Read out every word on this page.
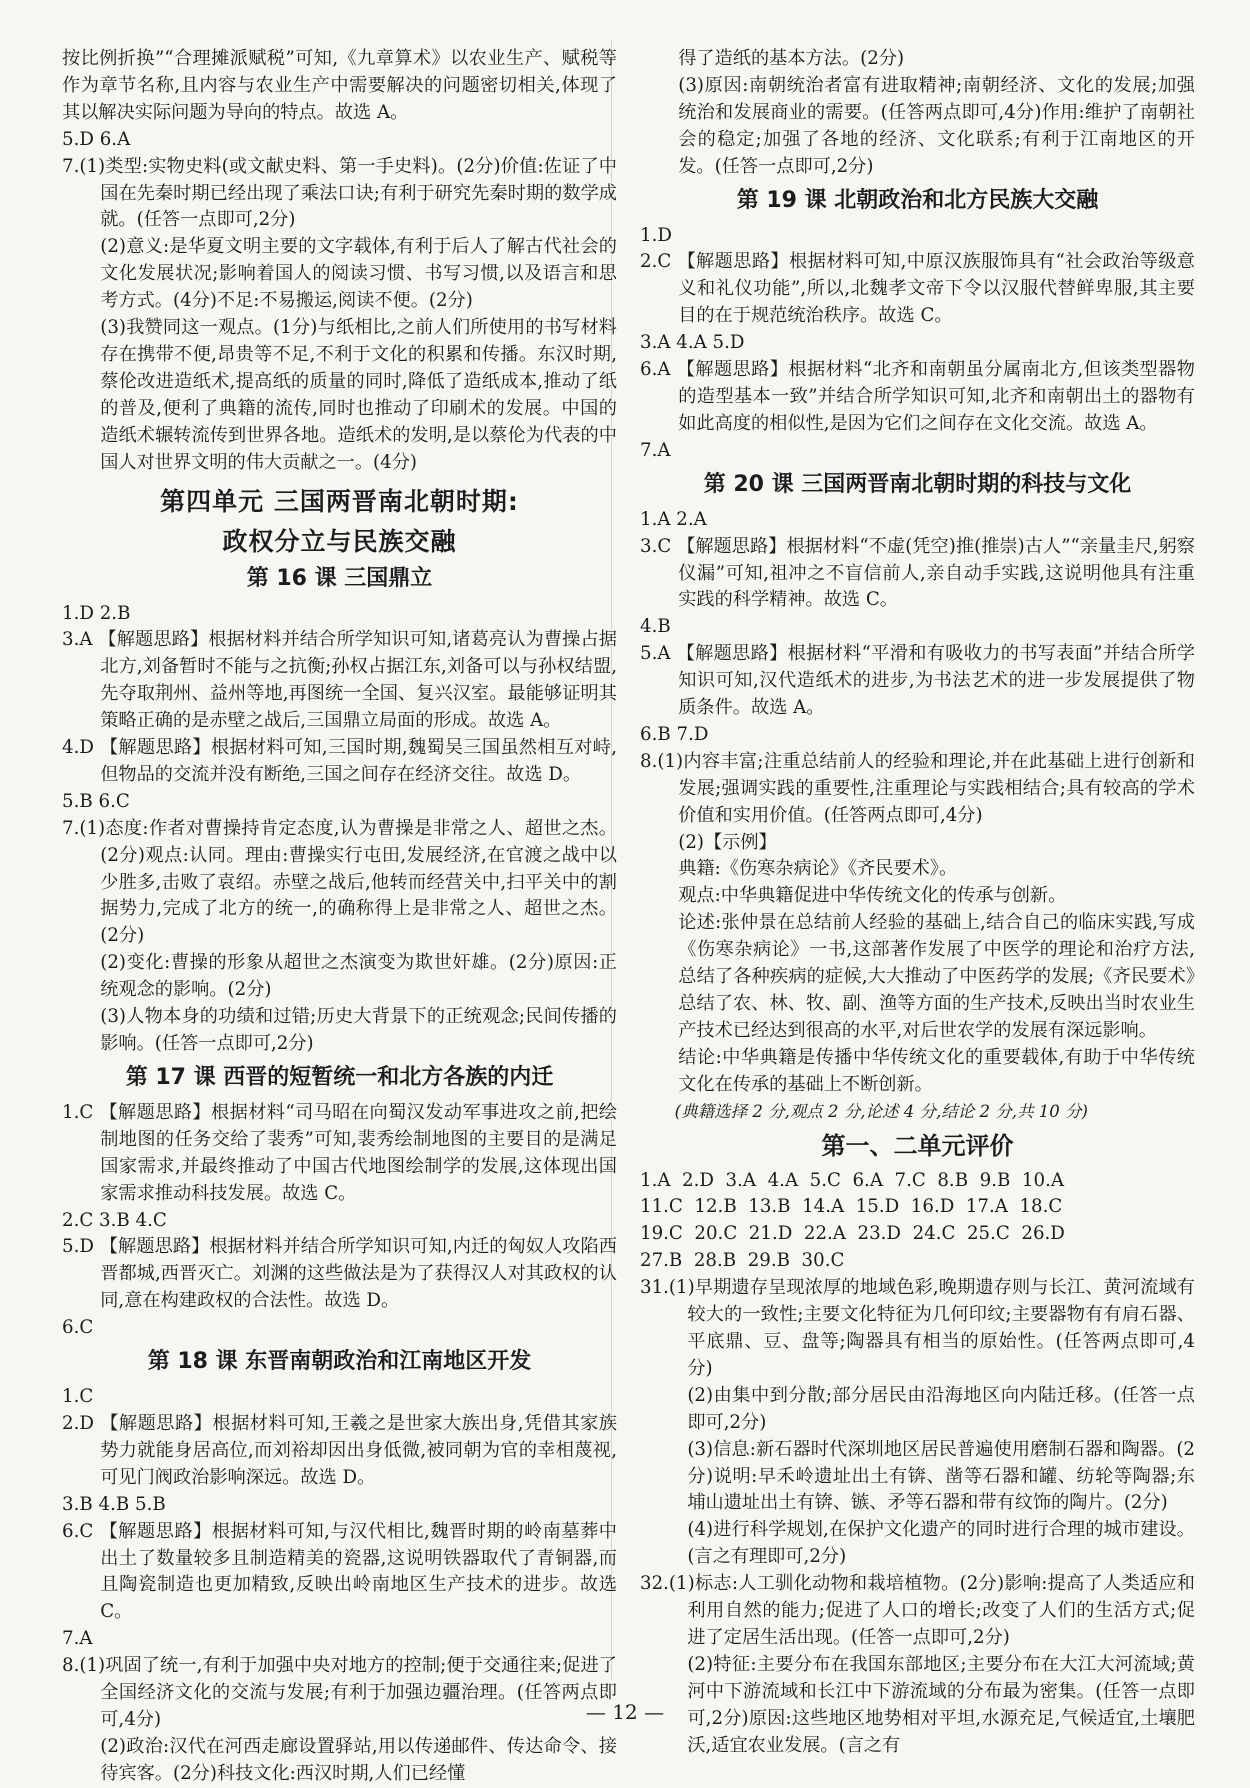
按比例折换”“合理摊派赋税”可知,《九章算术》以农业生产、赋税等作为章节名称,且内容与农业生产中需要解决的问题密切相关,体现了其以解决实际问题为导向的特点。故选 A。

5.D 6.A

7.(1)类型:实物史料(或文献史料、第一手史料)。(2分)价值:佐证了中国在先秦时期已经出现了乘法口诀;有利于研究先秦时期的数学成就。(任答一点即可,2分)

(2)意义:是华夏文明主要的文字载体,有利于后人了解古代社会的文化发展状况;影响着国人的阅读习惯、书写习惯,以及语言和思考方式。(4分)不足:不易搬运,阅读不便。(2分)

(3)我赞同这一观点。(1分)与纸相比,之前人们所使用的书写材料存在携带不便,昂贵等不足,不利于文化的积累和传播。东汉时期,蔡伦改进造纸术,提高纸的质量的同时,降低了造纸成本,推动了纸的普及,便利了典籍的流传,同时也推动了印刷术的发展。中国的造纸术辗转流传到世界各地。造纸术的发明,是以蔡伦为代表的中国人对世界文明的伟大贡献之一。(4分)

第四单元 三国两晋南北朝时期:
政权分立与民族交融
第 16 课 三国鼎立

1.D 2.B

3.A 【解题思路】根据材料并结合所学知识可知,诸葛亮认为曹操占据北方,刘备暂时不能与之抗衡;孙权占据江东,刘备可以与孙权结盟,先夺取荆州、益州等地,再图统一全国、复兴汉室。最能够证明其策略正确的是赤壁之战后,三国鼎立局面的形成。故选 A。

4.D 【解题思路】根据材料可知,三国时期,魏蜀吴三国虽然相互对峙,但物品的交流并没有断绝,三国之间存在经济交往。故选 D。

5.B 6.C

7.(1)态度:作者对曹操持肯定态度,认为曹操是非常之人、超世之杰。(2分)观点:认同。理由:曹操实行屯田,发展经济,在官渡之战中以少胜多,击败了袁绍。赤壁之战后,他转而经营关中,扫平关中的割据势力,完成了北方的统一,的确称得上是非常之人、超世之杰。(2分)

(2)变化:曹操的形象从超世之杰演变为欺世奸雄。(2分)原因:正统观念的影响。(2分)

(3)人物本身的功绩和过错;历史大背景下的正统观念;民间传播的影响。(任答一点即可,2分)

第 17 课 西晋的短暂统一和北方各族的内迁

1.C 【解题思路】根据材料“司马昭在向蜀汉发动军事进攻之前,把绘制地图的任务交给了裴秀”可知,裴秀绘制地图的主要目的是满足国家需求,并最终推动了中国古代地图绘制学的发展,这体现出国家需求推动科技发展。故选 C。

2.C 3.B 4.C

5.D 【解题思路】根据材料并结合所学知识可知,内迁的匈奴人攻陷西晋都城,西晋灭亡。刘渊的这些做法是为了获得汉人对其政权的认同,意在构建政权的合法性。故选 D。

6.C

第 18 课 东晋南朝政治和江南地区开发

1.C

2.D 【解题思路】根据材料可知,王羲之是世家大族出身,凭借其家族势力就能身居高位,而刘裕却因出身低微,被同朝为官的幸相蔑视,可见门阀政治影响深远。故选 D。

3.B 4.B 5.B

6.C 【解题思路】根据材料可知,与汉代相比,魏晋时期的岭南墓葬中出土了数量较多且制造精美的瓷器,这说明铁器取代了青铜器,而且陶瓷制造也更加精致,反映出岭南地区生产技术的进步。故选 C。

7.A

8.(1)巩固了统一,有利于加强中央对地方的控制;便于交通往来;促进了全国经济文化的交流与发展;有利于加强边疆治理。(任答两点即可,4分)

(2)政治:汉代在河西走廊设置驿站,用以传递邮件、传达命令、接待宾客。(2分)科技文化:西汉时期,人们已经懂

得了造纸的基本方法。(2分)

(3)原因:南朝统治者富有进取精神;南朝经济、文化的发展;加强统治和发展商业的需要。(任答两点即可,4分)作用:维护了南朝社会的稳定;加强了各地的经济、文化联系;有利于江南地区的开发。(任答一点即可,2分)

第 19 课 北朝政治和北方民族大交融

1.D

2.C 【解题思路】根据材料可知,中原汉族服饰具有“社会政治等级意义和礼仪功能”,所以,北魏孝文帝下令以汉服代替鲜卑服,其主要目的在于规范统治秩序。故选 C。

3.A 4.A 5.D

6.A 【解题思路】根据材料“北齐和南朝虽分属南北方,但该类型器物的造型基本一致”并结合所学知识可知,北齐和南朝出土的器物有如此高度的相似性,是因为它们之间存在文化交流。故选 A。

7.A

第 20 课 三国两晋南北朝时期的科技与文化

1.A 2.A

3.C 【解题思路】根据材料“不虚(凭空)推(推崇)古人”“亲量圭尺,躬察仪漏”可知,祖冲之不盲信前人,亲自动手实践,这说明他具有注重实践的科学精神。故选 C。

4.B

5.A 【解题思路】根据材料“平滑和有吸收力的书写表面”并结合所学知识可知,汉代造纸术的进步,为书法艺术的进一步发展提供了物质条件。故选 A。

6.B 7.D

8.(1)内容丰富;注重总结前人的经验和理论,并在此基础上进行创新和发展;强调实践的重要性,注重理论与实践相结合;具有较高的学术价值和实用价值。(任答两点即可,4分)

(2)【示例】

典籍:《伤寒杂病论》《齐民要术》。

观点:中华典籍促进中华传统文化的传承与创新。

论述:张仲景在总结前人经验的基础上,结合自己的临床实践,写成《伤寒杂病论》一书,这部著作发展了中医学的理论和治疗方法,总结了各种疾病的症候,大大推动了中医药学的发展;《齐民要术》总结了农、林、牧、副、渔等方面的生产技术,反映出当时农业生产技术已经达到很高的水平,对后世农学的发展有深远影响。

结论:中华典籍是传播中华传统文化的重要载体,有助于中华传统文化在传承的基础上不断创新。

(典籍选择 2 分,观点 2 分,论述 4 分,结论 2 分,共 10 分)

第一、二单元评价

1.A  2.D  3.A  4.A  5.C  6.A  7.C  8.B  9.B  10.A

11.C  12.B  13.B  14.A  15.D  16.D  17.A  18.C

19.C  20.C  21.D  22.A  23.D  24.C  25.C  26.D

27.B  28.B  29.B  30.C

31.(1)早期遗存呈现浓厚的地域色彩,晚期遗存则与长江、黄河流域有较大的一致性;主要文化特征为几何印纹;主要器物有有肩石器、平底鼎、豆、盘等;陶器具有相当的原始性。(任答两点即可,4分)

(2)由集中到分散;部分居民由沿海地区向内陆迁移。(任答一点即可,2分)

(3)信息:新石器时代深圳地区居民普遍使用磨制石器和陶器。(2分)说明:早禾岭遗址出土有锛、凿等石器和罐、纺轮等陶器;东埔山遗址出土有锛、镞、矛等石器和带有纹饰的陶片。(2分)

(4)进行科学规划,在保护文化遗产的同时进行合理的城市建设。(言之有理即可,2分)

32.(1)标志:人工驯化动物和栽培植物。(2分)影响:提高了人类适应和利用自然的能力;促进了人口的增长;改变了人们的生活方式;促进了定居生活出现。(任答一点即可,2分)

(2)特征:主要分布在我国东部地区;主要分布在大江大河流域;黄河中下游流域和长江中下游流域的分布最为密集。(任答一点即可,2分)原因:这些地区地势相对平坦,水源充足,气候适宜,土壤肥沃,适宜农业发展。(言之有

— 12 —
